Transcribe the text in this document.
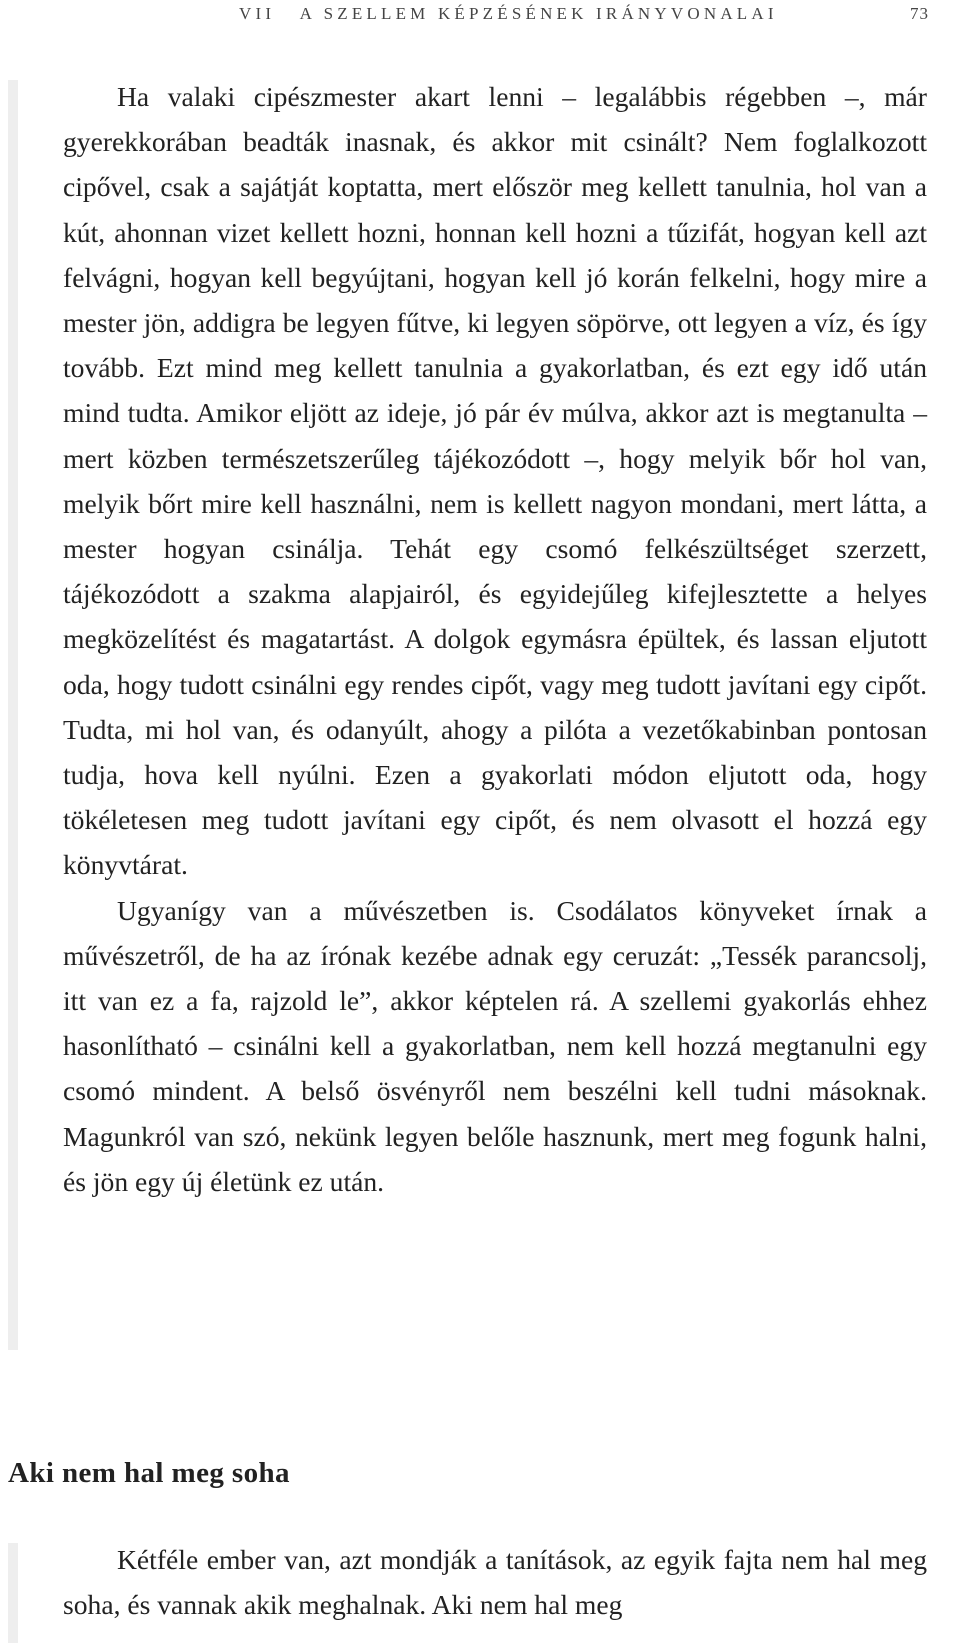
VII   A SZELLEM KÉPZÉSÉNEK IRÁNYVONALAI	73

Ha valaki cipészmester akart lenni – legalábbis régebben –, már gyerekkorában beadták inasnak, és akkor mit csinált? Nem foglalkozott cipővel, csak a sajátját koptatta, mert először meg kellett tanulnia, hol van a kút, ahonnan vizet kellett hozni, honnan kell hozni a tűzifát, hogyan kell azt felvágni, hogyan kell begyújtani, hogyan kell jó korán felkelni, hogy mire a mester jön, addigra be legyen fűtve, ki legyen söpörve, ott legyen a víz, és így tovább. Ezt mind meg kellett tanulnia a gyakorlatban, és ezt egy idő után mind tudta. Amikor eljött az ideje, jó pár év múlva, akkor azt is megtanulta – mert közben természetszerűleg tájékozódott –, hogy melyik bőr hol van, melyik bőrt mire kell használni, nem is kellett nagyon mondani, mert látta, a mester hogyan csinálja. Tehát egy csomó felkészültséget szerzett, tájékozódott a szakma alapjairól, és egyidejűleg kifejlesztette a helyes megközelítést és magatartást. A dolgok egymásra épültek, és lassan eljutott oda, hogy tudott csinálni egy rendes cipőt, vagy meg tudott javítani egy cipőt. Tudta, mi hol van, és odanyúlt, ahogy a pilóta a vezetőkabinban pontosan tudja, hova kell nyúlni. Ezen a gyakorlati módon eljutott oda, hogy tökéletesen meg tudott javítani egy cipőt, és nem olvasott el hozzá egy könyvtárat.

Ugyanígy van a művészetben is. Csodálatos könyveket írnak a művészetről, de ha az írónak kezébe adnak egy ceruzát: „Tessék parancsolj, itt van ez a fa, rajzold le”, akkor képtelen rá. A szellemi gyakorlás ehhez hasonlítható – csinálni kell a gyakorlatban, nem kell hozzá megtanulni egy csomó mindent. A belső ösvényről nem beszélni kell tudni másoknak. Magunkról van szó, nekünk legyen belőle hasznunk, mert meg fogunk halni, és jön egy új életünk ez után.

Aki nem hal meg soha

Kétféle ember van, azt mondják a tanítások, az egyik fajta nem hal meg soha, és vannak akik meghalnak. Aki nem hal meg
